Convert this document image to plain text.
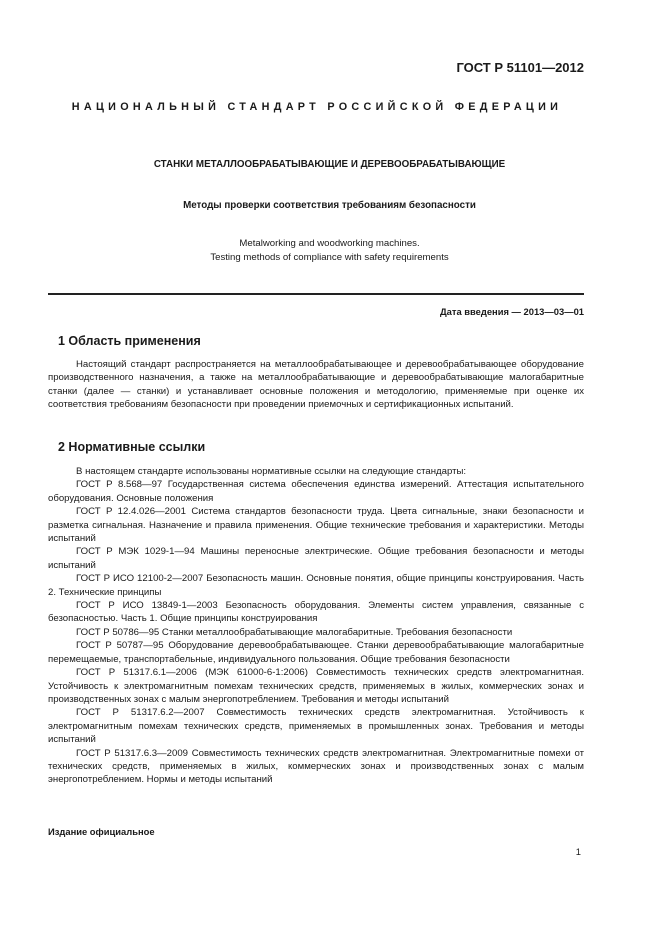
ГОСТ Р 51101—2012
НАЦИОНАЛЬНЫЙ СТАНДАРТ РОССИЙСКОЙ ФЕДЕРАЦИИ
СТАНКИ МЕТАЛЛООБРАБАТЫВАЮЩИЕ И ДЕРЕВООБРАБАТЫВАЮЩИЕ
Методы проверки соответствия требованиям безопасности
Metalworking and woodworking machines.
Testing methods of compliance with safety requirements
Дата введения — 2013—03—01
1 Область применения

Настоящий стандарт распространяется на металлообрабатывающее и деревообрабатывающее оборудование производственного назначения, а также на металлообрабатывающие и деревообрабатывающие малогабаритные станки (далее — станки) и устанавливает основные положения и методологию, применяемые при оценке их соответствия требованиям безопасности при проведении приемочных и сертификационных испытаний.

2 Нормативные ссылки

В настоящем стандарте использованы нормативные ссылки на следующие стандарты:

ГОСТ Р 8.568—97 Государственная система обеспечения единства измерений. Аттестация испытательного оборудования. Основные положения

ГОСТ Р 12.4.026—2001 Система стандартов безопасности труда. Цвета сигнальные, знаки безопасности и разметка сигнальная. Назначение и правила применения. Общие технические требования и характеристики. Методы испытаний

ГОСТ Р МЭК 1029-1—94 Машины переносные электрические. Общие требования безопасности и методы испытаний

ГОСТ Р ИСО 12100-2—2007 Безопасность машин. Основные понятия, общие принципы конструирования. Часть 2. Технические принципы

ГОСТ Р ИСО 13849-1—2003 Безопасность оборудования. Элементы систем управления, связанные с безопасностью. Часть 1. Общие принципы конструирования

ГОСТ Р 50786—95 Станки металлообрабатывающие малогабаритные. Требования безопасности

ГОСТ Р 50787—95 Оборудование деревообрабатывающее. Станки деревообрабатывающие малогабаритные перемещаемые, транспортабельные, индивидуального пользования. Общие требования безопасности

ГОСТ Р 51317.6.1—2006 (МЭК 61000-6-1:2006) Совместимость технических средств электромагнитная. Устойчивость к электромагнитным помехам технических средств, применяемых в жилых, коммерческих зонах и производственных зонах с малым энергопотреблением. Требования и методы испытаний

ГОСТ Р 51317.6.2—2007 Совместимость технических средств электромагнитная. Устойчивость к электромагнитным помехам технических средств, применяемых в промышленных зонах. Требования и методы испытаний

ГОСТ Р 51317.6.3—2009 Совместимость технических средств электромагнитная. Электромагнитные помехи от технических средств, применяемых в жилых, коммерческих зонах и производственных зонах с малым энергопотреблением. Нормы и методы испытаний

Издание официальное
1
